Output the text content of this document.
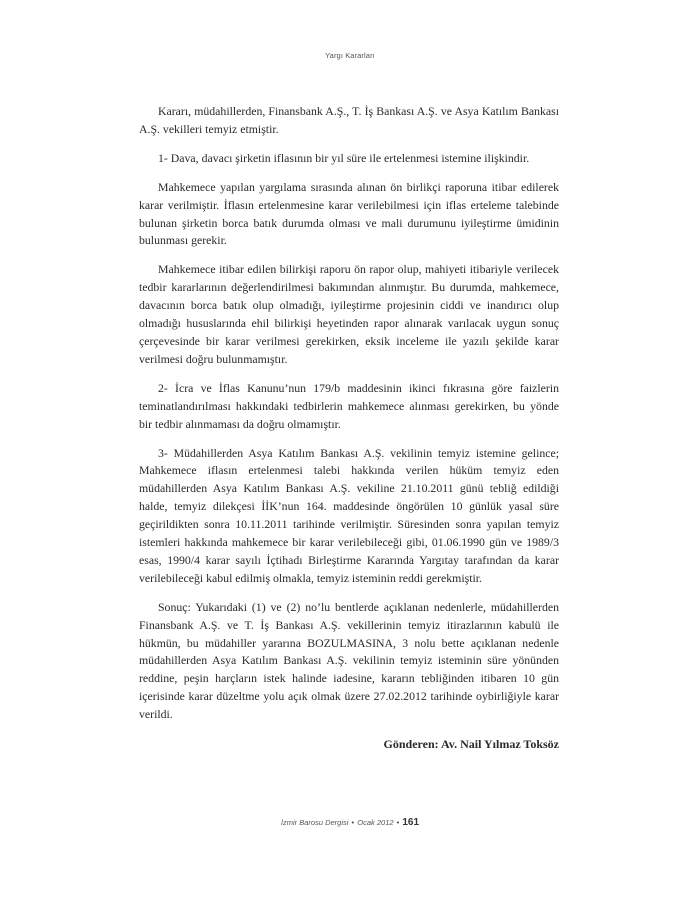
Yargı Kararları

Kararı, müdahillerden, Finansbank A.Ş., T. İş Bankası A.Ş. ve Asya Katılım Bankası A.Ş. vekilleri temyiz etmiştir.

1- Dava, davacı şirketin iflasının bir yıl süre ile ertelenmesi istemine ilişkindir.

Mahkemece yapılan yargılama sırasında alınan ön birlikçi raporuna itibar edilerek karar verilmiştir. İflasın ertelenmesine karar verilebilmesi için iflas erteleme talebinde bulunan şirketin borca batık durumda olması ve mali durumunu iyileştirme ümidinin bulunması gerekir.

Mahkemece itibar edilen bilirkişi raporu ön rapor olup, mahiyeti itibariyle verilecek tedbir kararlarının değerlendirilmesi bakımından alınmıştır. Bu durumda, mahkemece, davacının borca batık olup olmadığı, iyileştirme projesinin ciddi ve inandırıcı olup olmadığı hususlarında ehil bilirkişi heyetinden rapor alınarak varılacak uygun sonuç çerçevesinde bir karar verilmesi gerekirken, eksik inceleme ile yazılı şekilde karar verilmesi doğru bulunmamıştır.

2- İcra ve İflas Kanunu’nun 179/b maddesinin ikinci fıkrasına göre faizlerin teminatlandırılması hakkındaki tedbirlerin mahkemece alınması gerekirken, bu yönde bir tedbir alınmaması da doğru olmamıştır.

3- Müdahillerden Asya Katılım Bankası A.Ş. vekilinin temyiz istemine gelince; Mahkemece iflasın ertelenmesi talebi hakkında verilen hüküm temyiz eden müdahillerden Asya Katılım Bankası A.Ş. vekiline 21.10.2011 günü tebliğ edildiği halde, temyiz dilekçesi İİK’nun 164. maddesinde öngörülen 10 günlük yasal süre geçirildikten sonra 10.11.2011 tarihinde verilmiştir. Süresinden sonra yapılan temyiz istemleri hakkında mahkemece bir karar verilebileceği gibi, 01.06.1990 gün ve 1989/3 esas, 1990/4 karar sayılı İçtihadı Birleştirme Kararında Yargıtay tarafından da karar verilebileceği kabul edilmiş olmakla, temyiz isteminin reddi gerekmiştir.

Sonuç: Yukarıdaki (1) ve (2) no’lu bentlerde açıklanan nedenlerle, müdahillerden Finansbank A.Ş. ve T. İş Bankası A.Ş. vekillerinin temyiz itirazlarının kabulü ile hükmün, bu müdahiller yararına BOZULMASINA, 3 nolu bette açıklanan nedenle müdahillerden Asya Katılım Bankası A.Ş. vekilinin temyiz isteminin süre yönünden reddine, peşin harçların istek halinde iadesine, kararın tebliğinden itibaren 10 gün içerisinde karar düzeltme yolu açık olmak üzere 27.02.2012 tarihinde oybirliğiyle karar verildi.

Gönderen: Av. Nail Yılmaz Toksöz

İzmir Barosu Dergisi • Ocak 2012 • 161
